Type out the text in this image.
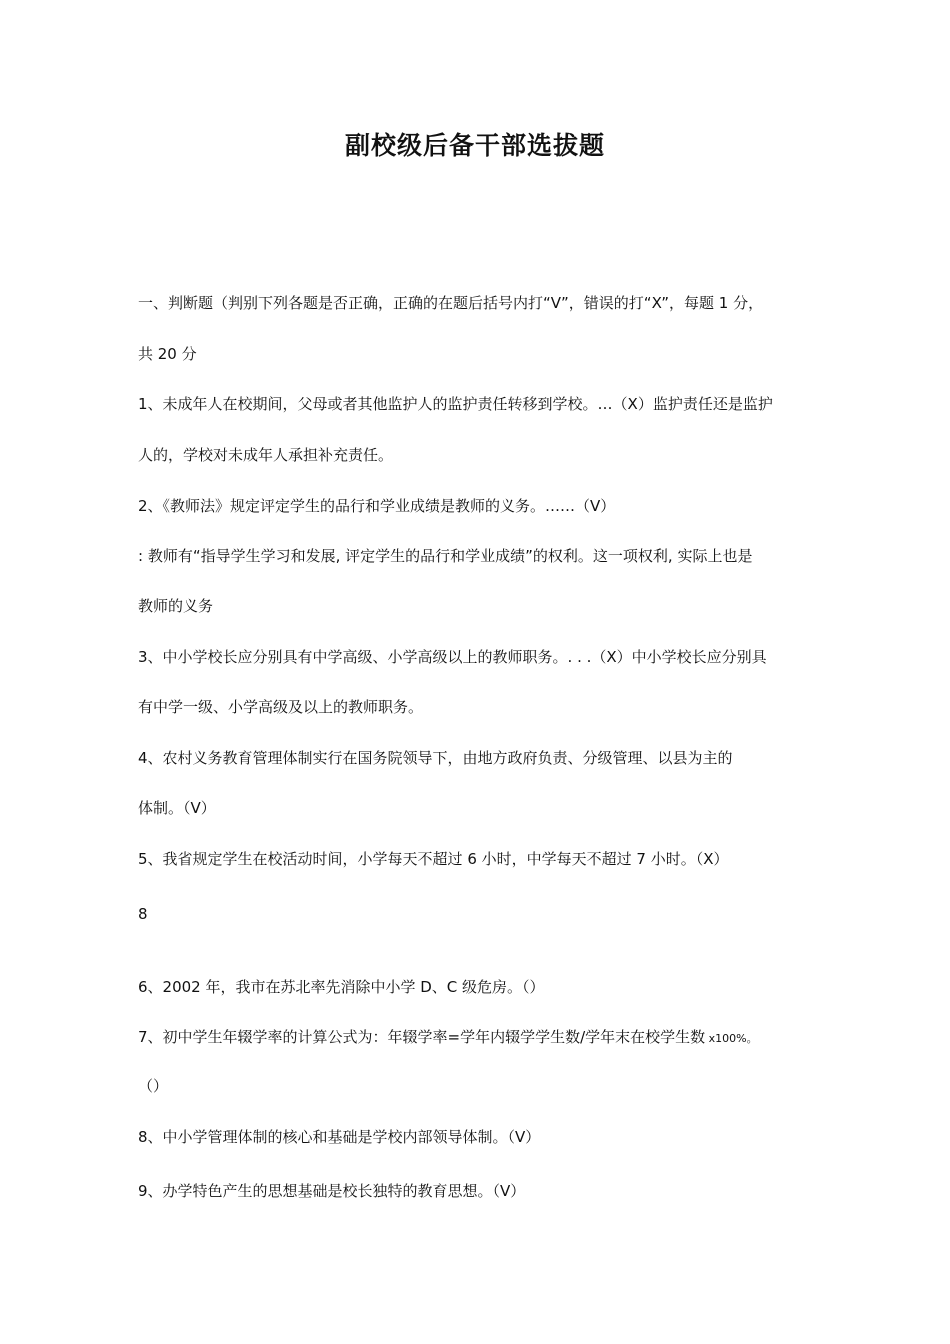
副校级后备干部选拔题
一、判断题（判别下列各题是否正确，正确的在题后括号内打“V”，错误的打“X”，每题 1 分，
共 20 分
1、未成年人在校期间，父母或者其他监护人的监护责任转移到学校。…（X）监护责任还是监护
人的，学校对未成年人承担补充责任。
2、《教师法》规定评定学生的品行和学业成绩是教师的义务。……（V）
: 教师有“指导学生学习和发展, 评定学生的品行和学业成绩”的权利。这一项权利, 实际上也是
教师的义务
3、中小学校长应分别具有中学高级、小学高级以上的教师职务。. . .（X）中小学校长应分别具
有中学一级、小学高级及以上的教师职务。
4、农村义务教育管理体制实行在国务院领导下，由地方政府负责、分级管理、以县为主的
体制。（V）
5、我省规定学生在校活动时间，小学每天不超过 6 小时，中学每天不超过 7 小时。（X）
8
6、2002 年，我市在苏北率先消除中小学 D、C 级危房。（）
7、初中学生年辍学率的计算公式为：年辍学率=学年内辍学学生数/学年末在校学生数 x100%。
（）
8、中小学管理体制的核心和基础是学校内部领导体制。（V）
9、办学特色产生的思想基础是校长独特的教育思想。（V）
